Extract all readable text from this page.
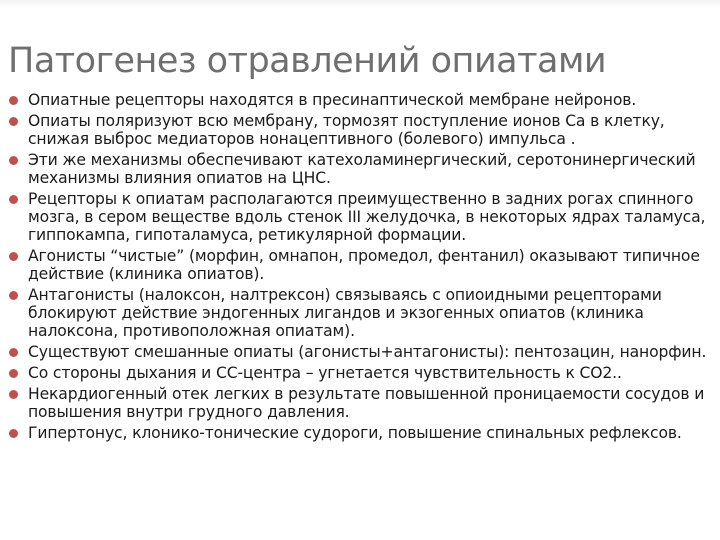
Патогенез отравлений опиатами
Опиатные рецепторы находятся в пресинаптической мембране нейронов.
Опиаты поляризуют всю мембрану, тормозят поступление ионов Са в клетку, снижая выброс медиаторов нонацептивного (болевого) импульса .
Эти же механизмы обеспечивают катехоламинергический, серотонинергический механизмы влияния опиатов на ЦНС.
Рецепторы к опиатам располагаются преимущественно в задних рогах спинного мозга, в сером веществе вдоль стенок III желудочка, в некоторых ядрах таламуса, гиппокампа, гипоталамуса, ретикулярной формации.
Агонисты “чистые” (морфин, омнапон, промедол, фентанил) оказывают типичное действие (клиника опиатов).
Антагонисты (налоксон, налтрексон) связываясь с опиоидными рецепторами блокируют действие эндогенных лигандов и экзогенных опиатов (клиника налоксона, противоположная опиатам).
Существуют смешанные опиаты (агонисты+антагонисты): пентозацин, нанорфин.
Со стороны дыхания и СС-центра – угнетается чувствительность к СО2..
Некардиогенный отек легких в результате повышенной проницаемости сосудов и повышения внутри грудного давления.
Гипертонус, клонико-тонические судороги, повышение спинальных рефлексов.
